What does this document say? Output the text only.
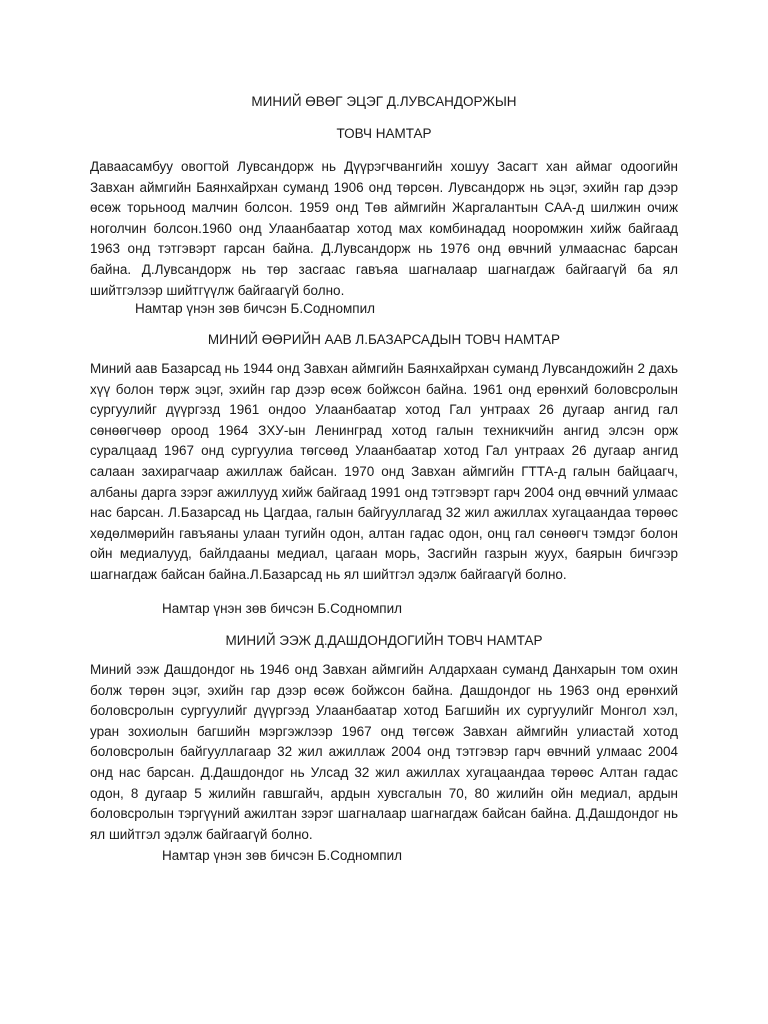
МИНИЙ ӨВӨГ ЭЦЭГ Д.ЛУВСАНДОРЖЫН
ТОВЧ НАМТАР

Даваасамбуу овогтой Лувсандорж нь Дүүрэгчвангийн хошуу Засагт хан аймаг одоогийн Завхан аймгийн Баянхайрхан суманд 1906 онд төрсөн. Лувсандорж нь эцэг, эхийн гар дээр өсөж торьноод малчин болсон. 1959 онд Төв аймгийн Жаргалантын САА-д шилжин очиж ноголчин болсон.1960 онд Улаанбаатар хотод мах комбинадад нооромжин хийж байгаад 1963 онд тэтгэвэрт гарсан байна. Д.Лувсандорж нь 1976 онд өвчний улмааснас барсан байна. Д.Лувсандорж нь төр засгаас гавъяа шагналаар шагнагдаж байгаагүй ба ял шийтгэлээр шийтгүүлж байгаагүй болно.

Намтар үнэн зөв бичсэн Б.Содномпил
МИНИЙ ӨӨРИЙН ААВ Л.БАЗАРСАДЫН ТОВЧ НАМТАР

Миний аав Базарсад нь 1944 онд Завхан аймгийн Баянхайрхан суманд Лувсандожийн 2 дахь хүү болон төрж эцэг, эхийн гар дээр өсөж бойжсон байна. 1961 онд ерөнхий боловсролын сургуулийг дүүргэзд 1961 ондоо Улаанбаатар хотод Гал унтраах 26 дугаар ангид гал сөнөөгчөөр ороод 1964 ЗХУ-ын Ленинград хотод галын техникчийн ангид элсэн орж суралцаад 1967 онд сургуулиа төгсөөд Улаанбаатар хотод Гал унтраах 26 дугаар ангид салаан захирагчаар ажиллаж байсан. 1970 онд Завхан аймгийн ГТТА-д галын байцаагч, албаны дарга зэрэг ажиллууд хийж байгаад 1991 онд тэтгэвэрт гарч 2004 онд өвчний улмаас нас барсан. Л.Базарсад нь Цагдаа, галын байгууллагад 32 жил ажиллах хугацаандаа төрөөс хөдөлмөрийн гавъяаны улаан тугийн одон, алтан гадас одон, онц гал сөнөөгч тэмдэг болон ойн медиалууд, байлдааны медиал, цагаан морь, Засгийн газрын жуух, баярын бичгээр шагнагдаж байсан байна.Л.Базарсад нь ял шийтгэл эдэлж байгаагүй болно.

Намтар үнэн зөв бичсэн Б.Содномпил
МИНИЙ ЭЭЖ Д.ДАШДОНДОГИЙН ТОВЧ НАМТАР

Миний ээж Дашдондог нь 1946 онд Завхан аймгийн Алдархаан суманд Данхарын том охин болж төрөн эцэг, эхийн гар дээр өсөж бойжсон байна. Дашдондог нь 1963 онд ерөнхий боловсролын сургуулийг дүүргээд Улаанбаатар хотод Багшийн их сургуулийг Монгол хэл, уран зохиолын багшийн мэргэжлээр 1967 онд төгсөж Завхан аймгийн улиастай хотод боловсролын байгууллагаар 32 жил ажиллаж 2004 онд тэтгэвэр гарч өвчний улмаас 2004 онд нас барсан. Д.Дашдондог нь Улсад 32 жил ажиллах хугацаандаа төрөөс Алтан гадас одон, 8 дугаар 5 жилийн гавшгайч, ардын хувсгалын 70, 80 жилийн ойн медиал, ардын боловсролын тэргүүний ажилтан зэрэг шагналаар шагнагдаж байсан байна. Д.Дашдондог нь ял шийтгэл эдэлж байгаагүй болно.

Намтар үнэн зөв бичсэн Б.Содномпил
